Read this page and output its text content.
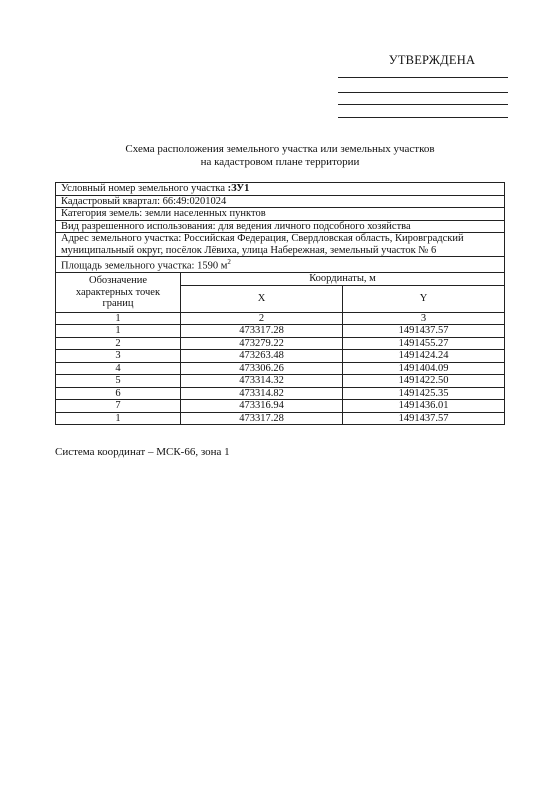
УТВЕРЖДЕНА
Схема расположения земельного участка или земельных участков
на кадастровом плане территории
Условный номер земельного участка :ЗУ1		
Кадастровый квартал: 66:49:0201024		
Категория земель: земли населенных пунктов		
Вид разрешенного использования: для ведения личного подсобного хозяйства		

Адрес земельного участка: Российская Федерация, Свердловская область, Кировградский
муниципальный округ, посёлок Лёвиха, улица Набережная, земельный участок № 6		

Площадь земельного участка: 1590 $м^2$
Обозначение характерных точек границ	Координаты, м	
	X	Y
1	2	3
1	473317.28	1491437.57
2	473279.22	1491455.27
3	473263.48	1491424.24
4	473306.26	1491404.09
5	473314.32	1491422.50
6	473314.82	1491425.35
7	473316.94	1491436.01
1	473317.28	1491437.57
Система координат – МСК-66, зона 1
